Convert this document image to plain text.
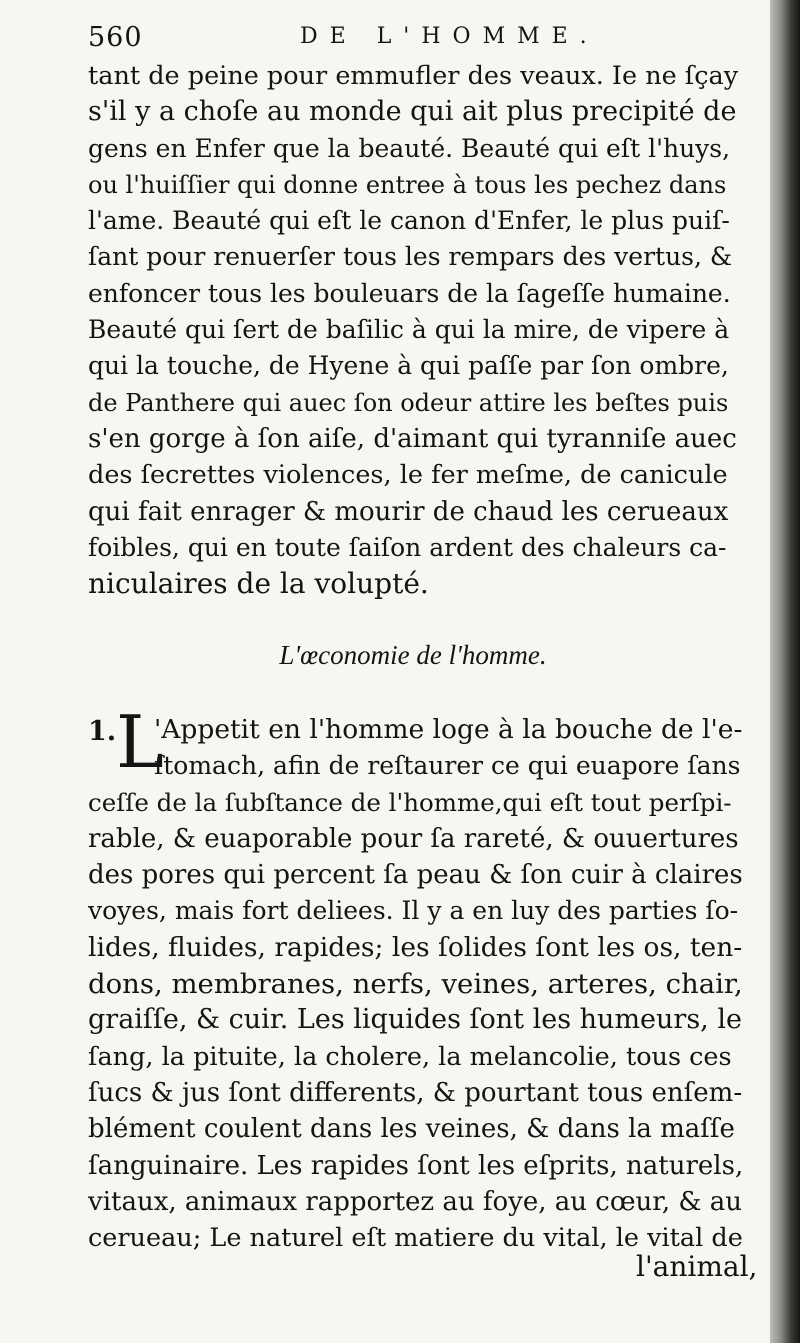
560	DE L'HOMME.
tant de peine pour emmufler des veaux. Ie ne ſçay
s'il y a choſe au monde qui ait plus precipité de
gens en Enfer que la beauté. Beauté qui eſt l'huys,
ou l'huiſſier qui donne entree à tous les pechez dans
l'ame. Beauté qui eſt le canon d'Enfer, le plus puiſ-
ſant pour renuerſer tous les rempars des vertus, &
enfoncer tous les bouleuars de la ſageſſe humaine.
Beauté qui ſert de baſilic à qui la mire, de vipere à
qui la touche, de Hyene à qui paſſe par ſon ombre,
de Panthere qui auec ſon odeur attire les beſtes puis
s'en gorge à ſon aiſe, d'aimant qui tyranniſe auec
des ſecrettes violences, le fer meſme, de canicule
qui fait enrager & mourir de chaud les cerueaux
foibles, qui en toute ſaiſon ardent des chaleurs ca-
niculaires de la volupté.
L'œconomie de l'homme.
1. L
'Appetit en l'homme loge à la bouche de l'e-
ſtomach, afin de reſtaurer ce qui euapore ſans
ceſſe de la ſubſtance de l'homme,qui eſt tout perſpi-
rable, & euaporable pour ſa rareté, & ouuertures
des pores qui percent ſa peau & ſon cuir à claires
voyes, mais fort deliees. Il y a en luy des parties ſo-
lides, fluides, rapides; les ſolides ſont les os, ten-
dons, membranes, nerfs, veines, arteres, chair,
graiſſe, & cuir. Les liquides ſont les humeurs, le
ſang, la pituite, la cholere, la melancolie, tous ces
ſucs & jus ſont differents, & pourtant tous enſem-
blément coulent dans les veines, & dans la maſſe
ſanguinaire. Les rapides ſont les eſprits, naturels,
vitaux, animaux rapportez au foye, au cœur, & au
cerueau; Le naturel eſt matiere du vital, le vital de
l'animal,
